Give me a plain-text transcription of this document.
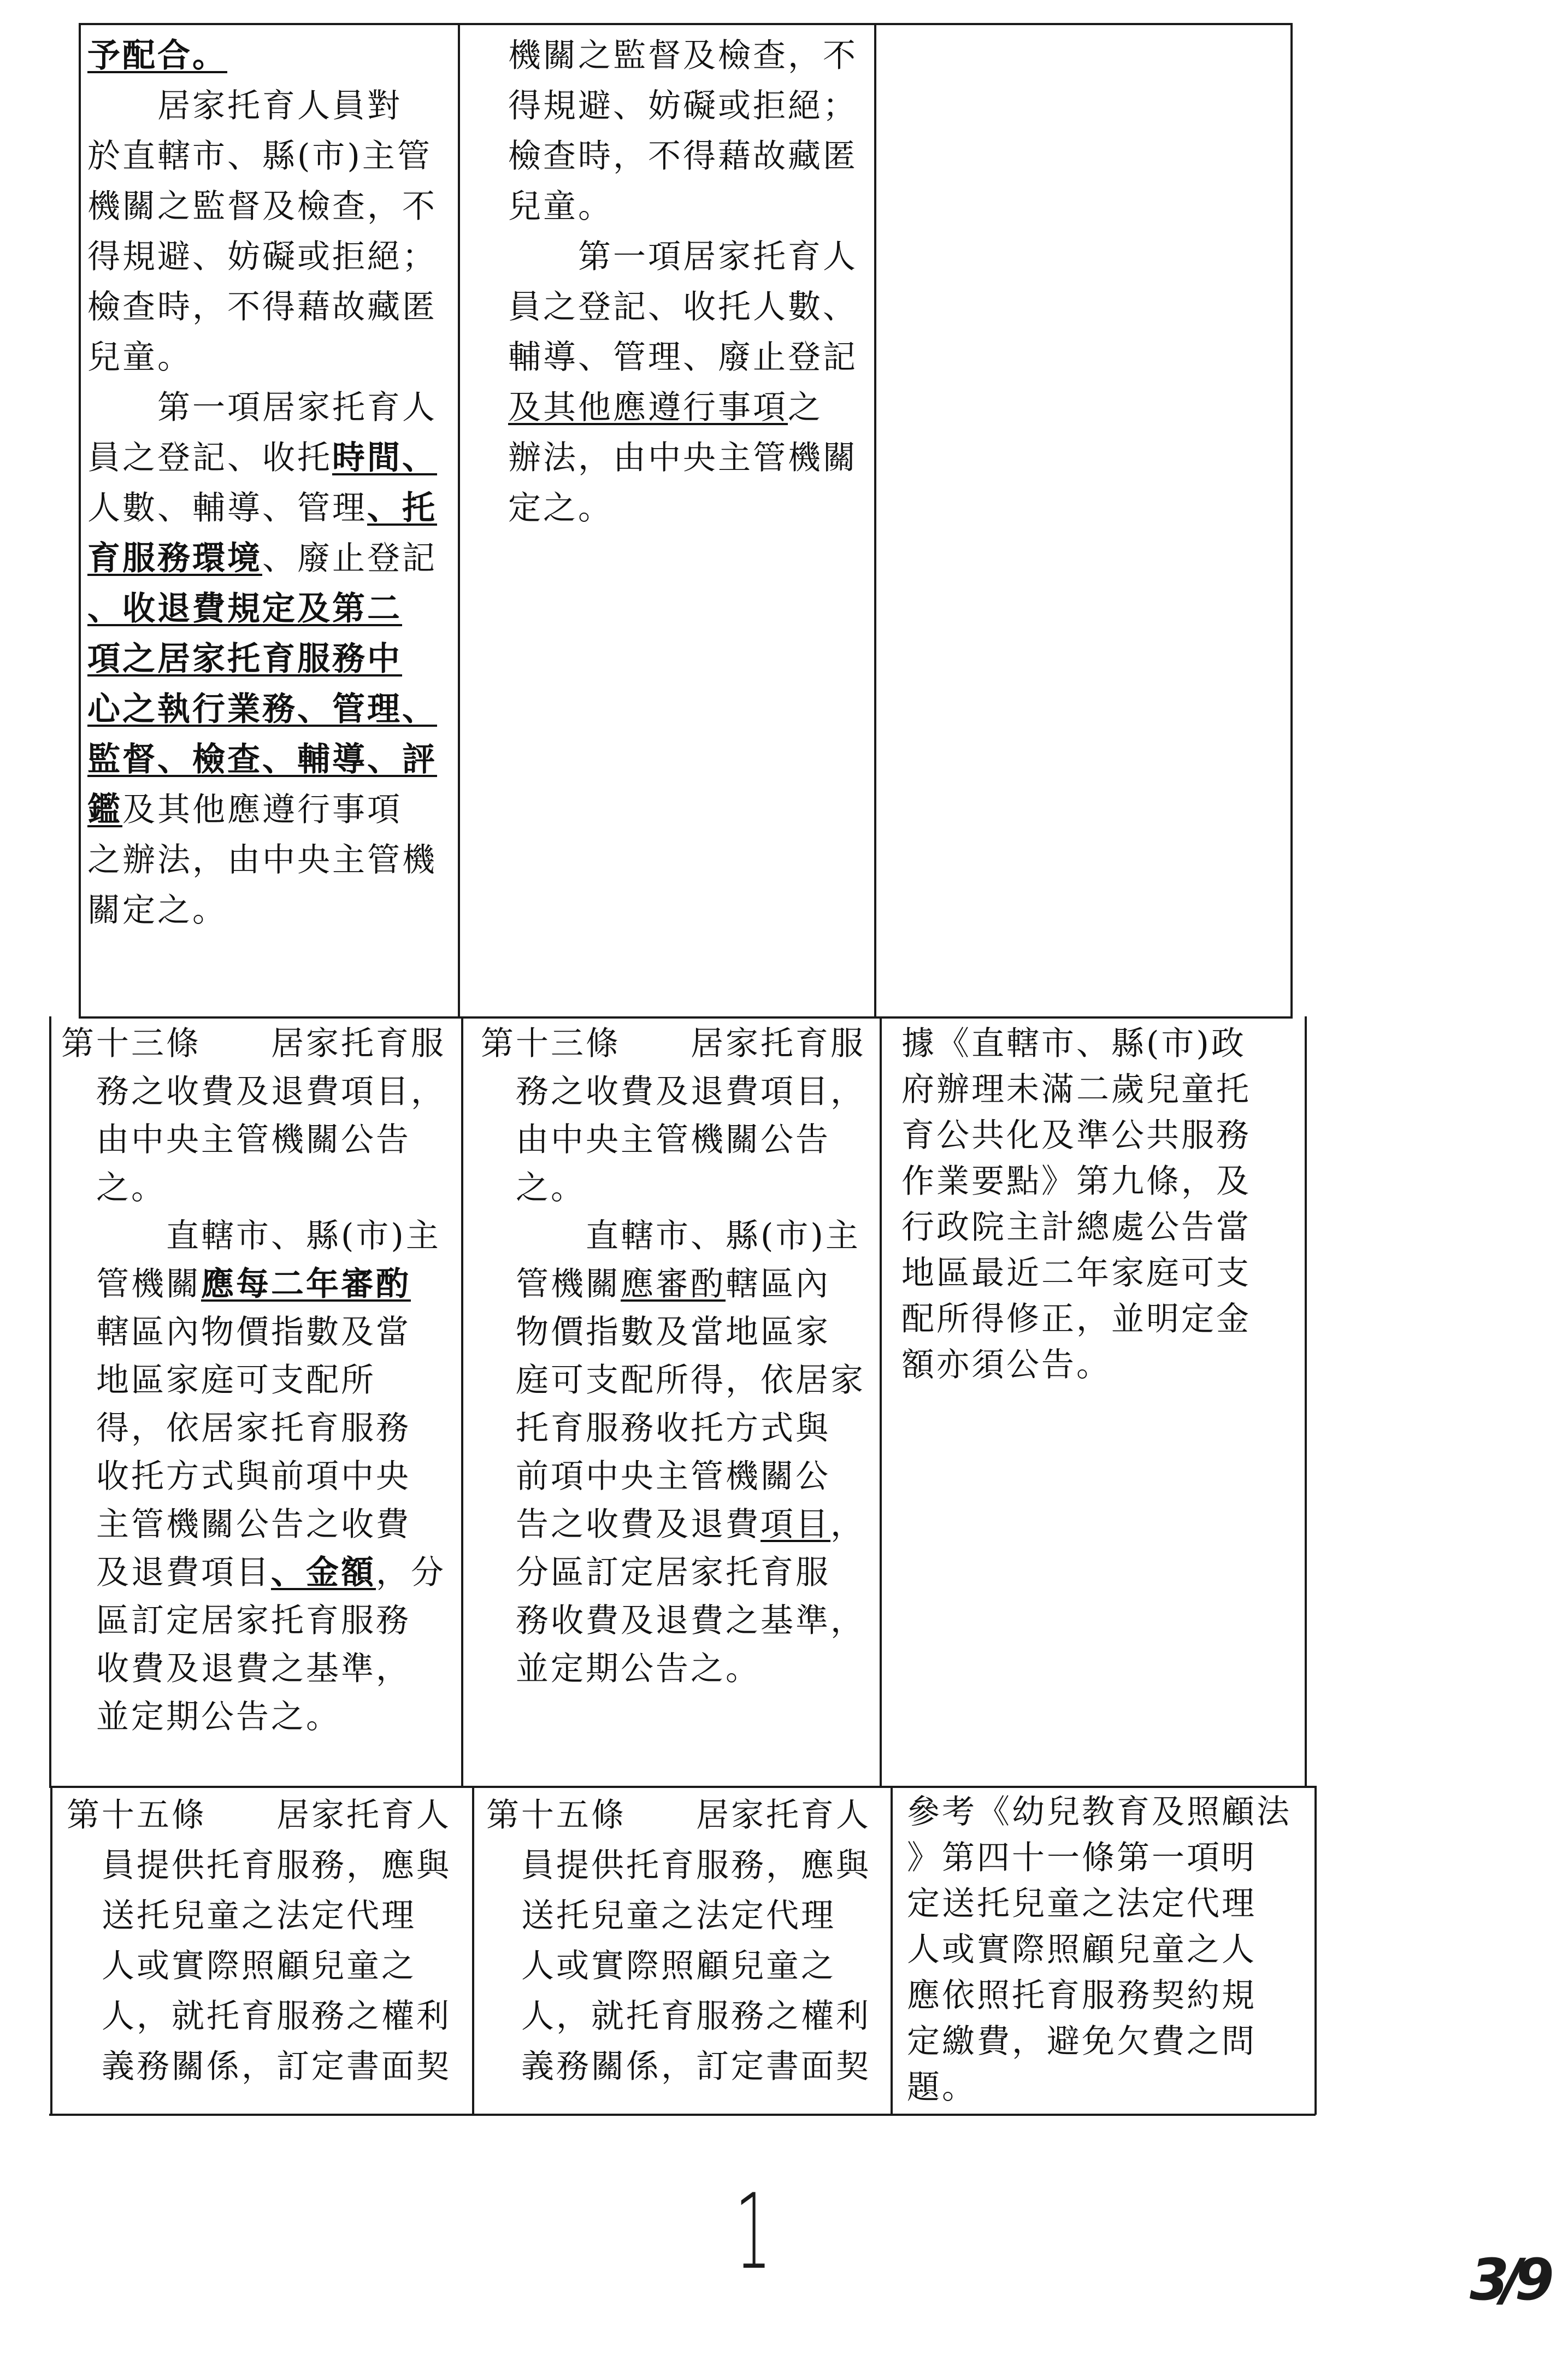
予配合。
　　居家托育人員對
於直轄市、縣(市)主管
機關之監督及檢查，不
得規避、妨礙或拒絕；
檢查時，不得藉故藏匿
兒童。
　　第一項居家托育人
員之登記、收托時間、
人數、輔導、管理、托
育服務環境、廢止登記
、收退費規定及第二
項之居家托育服務中
心之執行業務、管理、
監督、檢查、輔導、評
鑑及其他應遵行事項
之辦法，由中央主管機
關定之。
機關之監督及檢查，不
得規避、妨礙或拒絕；
檢查時，不得藉故藏匿
兒童。
　　第一項居家托育人
員之登記、收托人數、
輔導、管理、廢止登記
及其他應遵行事項之
辦法，由中央主管機關
定之。
第十三條　　居家托育服
　務之收費及退費項目，
　由中央主管機關公告
　之。
　　　直轄市、縣(市)主
　管機關應每二年審酌
　轄區內物價指數及當
　地區家庭可支配所
　得，依居家托育服務
　收托方式與前項中央
　主管機關公告之收費
　及退費項目、金額，分
　區訂定居家托育服務
　收費及退費之基準，
　並定期公告之。
第十三條　　居家托育服
　務之收費及退費項目，
　由中央主管機關公告
　之。
　　　直轄市、縣(市)主
　管機關應審酌轄區內
　物價指數及當地區家
　庭可支配所得，依居家
　托育服務收托方式與
　前項中央主管機關公
　告之收費及退費項目，
　分區訂定居家托育服
　務收費及退費之基準，
　並定期公告之。
據《直轄市、縣(市)政
府辦理未滿二歲兒童托
育公共化及準公共服務
作業要點》第九條，及
行政院主計總處公告當
地區最近二年家庭可支
配所得修正，並明定金
額亦須公告。
第十五條　　居家托育人
　員提供托育服務，應與
　送托兒童之法定代理
　人或實際照顧兒童之
　人，就托育服務之權利
　義務關係，訂定書面契
第十五條　　居家托育人
　員提供托育服務，應與
　送托兒童之法定代理
　人或實際照顧兒童之
　人，就托育服務之權利
　義務關係，訂定書面契
參考《幼兒教育及照顧法
》第四十一條第一項明
定送托兒童之法定代理
人或實際照顧兒童之人
應依照托育服務契約規
定繳費，避免欠費之問
題。
1	3/9
